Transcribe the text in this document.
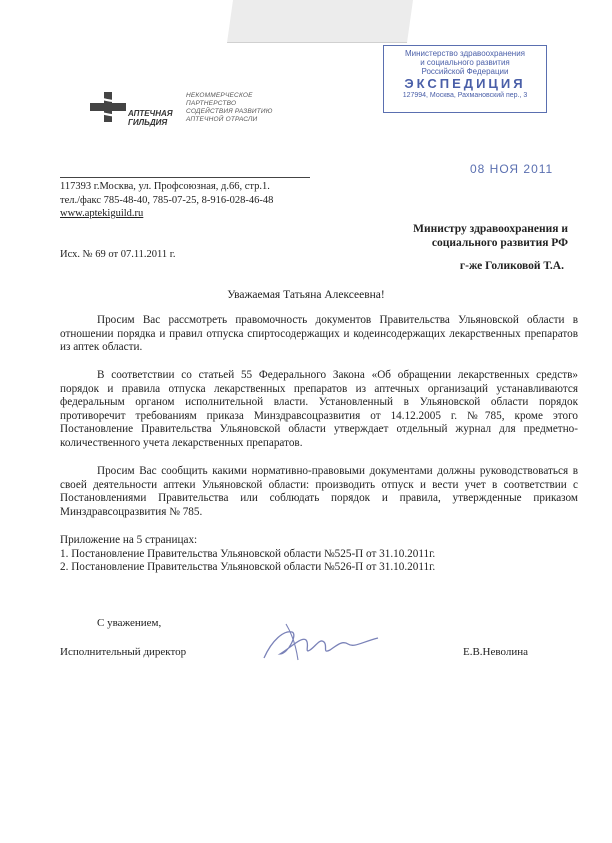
АПТЕЧНАЯ
ГИЛЬДИЯ
НЕКОММЕРЧЕСКОЕ
ПАРТНЕРСТВО
СОДЕЙСТВИЯ РАЗВИТИЮ
АПТЕЧНОЙ ОТРАСЛИ
117393 г.Москва, ул. Профсоюзная, д.66, стр.1.
тел./факс 785-48-40, 785-07-25, 8-916-028-46-48
www.aptekiguild.ru
Министерство здравоохранения
и социального развития
Российской Федерации
ЭКСПЕДИЦИЯ
127994, Москва, Рахмановский пер., 3
08 НОЯ 2011
Министру здравоохранения и
социального развития РФ
г-же Голиковой Т.А.
Исх. № 69 от 07.11.2011 г.
Уважаемая Татьяна Алексеевна!

Просим Вас рассмотреть правомочность документов Правительства Ульяновской области в отношении порядка и правил отпуска спиртосодержащих и кодеинсодержащих лекарственных препаратов из аптек области.

В соответствии со статьей 55 Федерального Закона «Об обращении лекарственных средств» порядок и правила отпуска лекарственных препаратов из аптечных организаций устанавливаются федеральным органом исполнительной власти. Установленный в Ульяновской области порядок противоречит требованиям приказа Минздравсоцразвития от 14.12.2005 г. №785, кроме этого Постановление Правительства Ульяновской области утверждает отдельный журнал для предметно-количественного учета лекарственных препаратов.

Просим Вас сообщить какими нормативно-правовыми документами должны руководствоваться в своей деятельности аптеки Ульяновской области: производить отпуск и вести учет в соответствии с Постановлениями Правительства или соблюдать порядок и правила, утвержденные приказом Минздравсоцразвития № 785.

Приложение на 5 страницах:
1. Постановление Правительства Ульяновской области №525-П от 31.10.2011г.
2. Постановление Правительства Ульяновской области №526-П от 31.10.2011г.
С уважением,
Исполнительный директор	Е.В.Неволина
